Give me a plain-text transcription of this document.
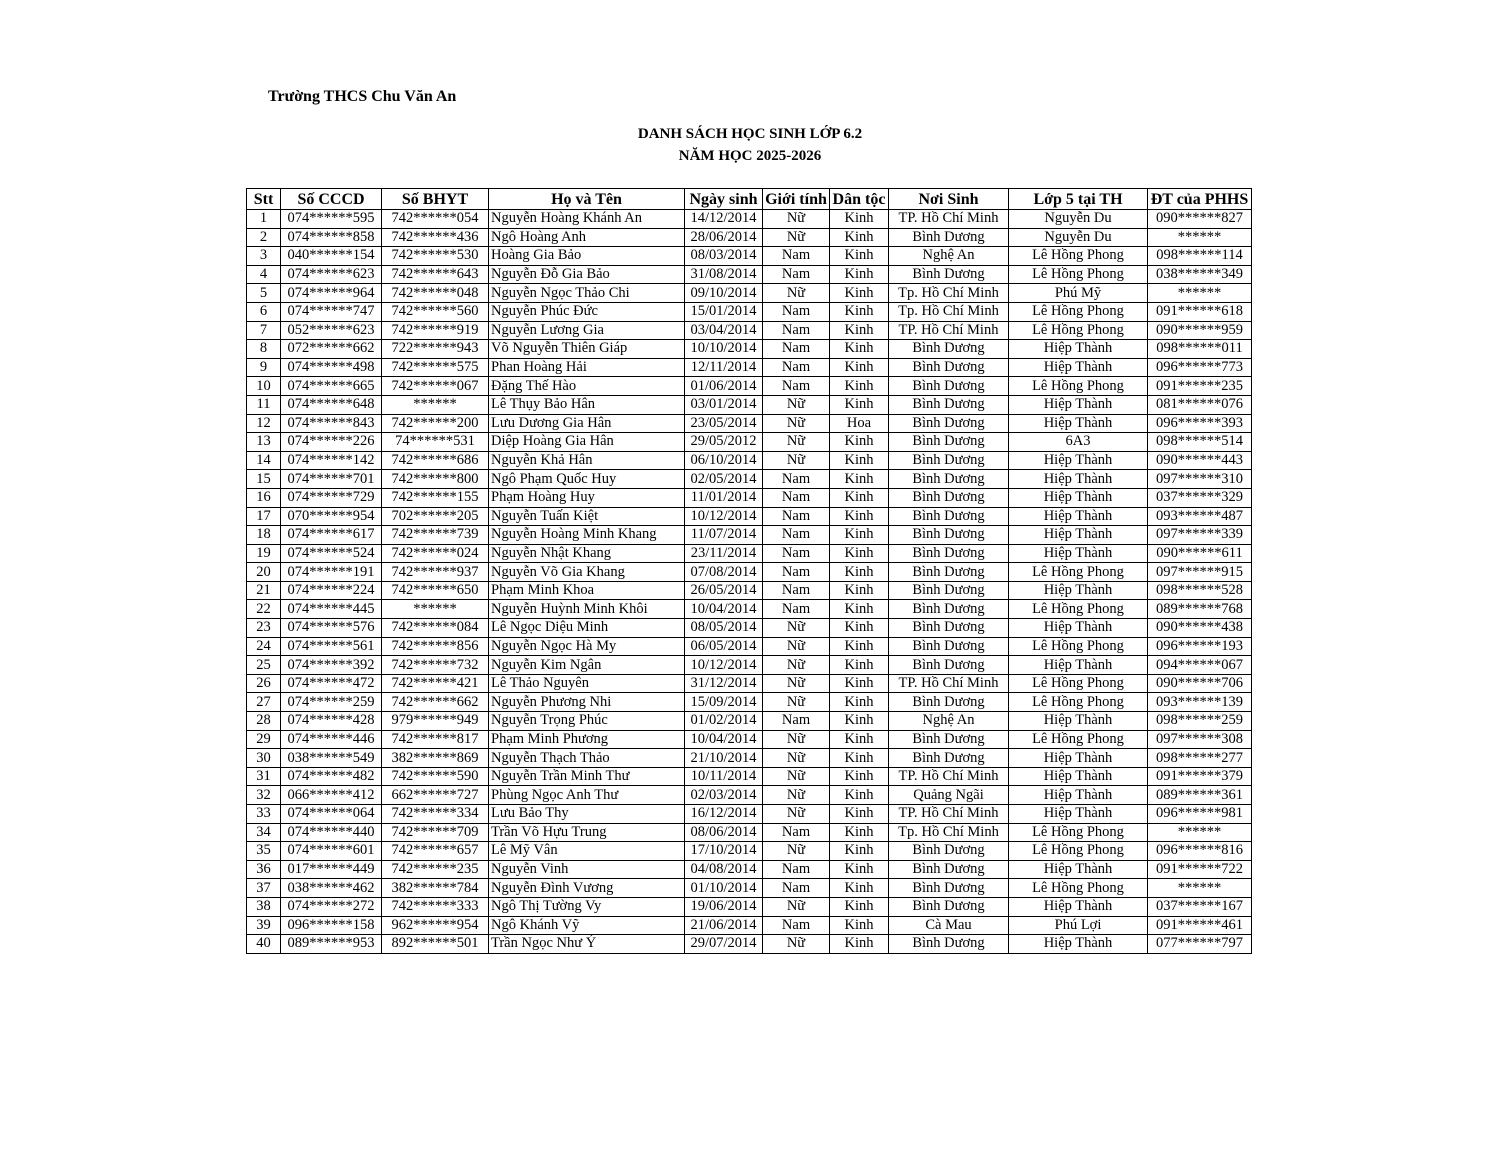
Trường THCS Chu Văn An
DANH SÁCH HỌC SINH LỚP 6.2
NĂM HỌC 2025-2026
Stt	Số CCCD	Số BHYT	Họ và Tên	Ngày sinh	Giới tính	Dân tộc	Nơi Sinh	Lớp 5 tại TH	ĐT của PHHS
1	074******595	742******054	Nguyễn Hoàng Khánh An	14/12/2014	Nữ	Kinh	TP. Hồ Chí Minh	Nguyễn Du	090******827
2	074******858	742******436	Ngô Hoàng Anh	28/06/2014	Nữ	Kinh	Bình Dương	Nguyễn Du	******
3	040******154	742******530	Hoàng Gia Bảo	08/03/2014	Nam	Kinh	Nghệ An	Lê Hồng Phong	098******114
4	074******623	742******643	Nguyễn Đỗ Gia Bảo	31/08/2014	Nam	Kinh	Bình Dương	Lê Hồng Phong	038******349
5	074******964	742******048	Nguyễn Ngọc Thảo Chi	09/10/2014	Nữ	Kinh	Tp. Hồ Chí Minh	Phú Mỹ	******
6	074******747	742******560	Nguyễn Phúc Đức	15/01/2014	Nam	Kinh	Tp. Hồ Chí Minh	Lê Hồng Phong	091******618
7	052******623	742******919	Nguyễn Lương Gia	03/04/2014	Nam	Kinh	TP. Hồ Chí Minh	Lê Hồng Phong	090******959
8	072******662	722******943	Võ Nguyễn Thiên Giáp	10/10/2014	Nam	Kinh	Bình Dương	Hiệp Thành	098******011
9	074******498	742******575	Phan Hoàng Hải	12/11/2014	Nam	Kinh	Bình Dương	Hiệp Thành	096******773
10	074******665	742******067	Đặng Thế Hào	01/06/2014	Nam	Kinh	Bình Dương	Lê Hồng Phong	091******235
11	074******648	******	Lê Thụy Bảo Hân	03/01/2014	Nữ	Kinh	Bình Dương	Hiệp Thành	081******076
12	074******843	742******200	Lưu Dương Gia Hân	23/05/2014	Nữ	Hoa	Bình Dương	Hiệp Thành	096******393
13	074******226	74******531	Diệp Hoàng Gia Hân	29/05/2012	Nữ	Kinh	Bình Dương	6A3	098******514
14	074******142	742******686	Nguyễn Khả Hân	06/10/2014	Nữ	Kinh	Bình Dương	Hiệp Thành	090******443
15	074******701	742******800	Ngô Phạm Quốc Huy	02/05/2014	Nam	Kinh	Bình Dương	Hiệp Thành	097******310
16	074******729	742******155	Phạm Hoàng Huy	11/01/2014	Nam	Kinh	Bình Dương	Hiệp Thành	037******329
17	070******954	702******205	Nguyễn Tuấn Kiệt	10/12/2014	Nam	Kinh	Bình Dương	Hiệp Thành	093******487
18	074******617	742******739	Nguyễn Hoàng Minh Khang	11/07/2014	Nam	Kinh	Bình Dương	Hiệp Thành	097******339
19	074******524	742******024	Nguyễn Nhật Khang	23/11/2014	Nam	Kinh	Bình Dương	Hiệp Thành	090******611
20	074******191	742******937	Nguyễn Võ Gia Khang	07/08/2014	Nam	Kinh	Bình Dương	Lê Hồng Phong	097******915
21	074******224	742******650	Phạm Minh Khoa	26/05/2014	Nam	Kinh	Bình Dương	Hiệp Thành	098******528
22	074******445	******	Nguyễn Huỳnh Minh Khôi	10/04/2014	Nam	Kinh	Bình Dương	Lê Hồng Phong	089******768
23	074******576	742******084	Lê Ngọc Diệu Minh	08/05/2014	Nữ	Kinh	Bình Dương	Hiệp Thành	090******438
24	074******561	742******856	Nguyễn Ngọc Hà My	06/05/2014	Nữ	Kinh	Bình Dương	Lê Hồng Phong	096******193
25	074******392	742******732	Nguyễn Kim Ngân	10/12/2014	Nữ	Kinh	Bình Dương	Hiệp Thành	094******067
26	074******472	742******421	Lê Thảo Nguyên	31/12/2014	Nữ	Kinh	TP. Hồ Chí Minh	Lê Hồng Phong	090******706
27	074******259	742******662	Nguyễn Phương Nhi	15/09/2014	Nữ	Kinh	Bình Dương	Lê Hồng Phong	093******139
28	074******428	979******949	Nguyễn Trọng Phúc	01/02/2014	Nam	Kinh	Nghệ An	Hiệp Thành	098******259
29	074******446	742******817	Phạm Minh Phương	10/04/2014	Nữ	Kinh	Bình Dương	Lê Hồng Phong	097******308
30	038******549	382******869	Nguyễn Thạch Thảo	21/10/2014	Nữ	Kinh	Bình Dương	Hiệp Thành	098******277
31	074******482	742******590	Nguyễn Trần Minh Thư	10/11/2014	Nữ	Kinh	TP. Hồ Chí Minh	Hiệp Thành	091******379
32	066******412	662******727	Phùng Ngọc Anh Thư	02/03/2014	Nữ	Kinh	Quảng Ngãi	Hiệp Thành	089******361
33	074******064	742******334	Lưu Bảo Thy	16/12/2014	Nữ	Kinh	TP. Hồ Chí Minh	Hiệp Thành	096******981
34	074******440	742******709	Trần Võ Hựu Trung	08/06/2014	Nam	Kinh	Tp. Hồ Chí Minh	Lê Hồng Phong	******
35	074******601	742******657	Lê Mỹ Vân	17/10/2014	Nữ	Kinh	Bình Dương	Lê Hồng Phong	096******816
36	017******449	742******235	Nguyễn Vinh	04/08/2014	Nam	Kinh	Bình Dương	Hiệp Thành	091******722
37	038******462	382******784	Nguyễn Đình Vương	01/10/2014	Nam	Kinh	Bình Dương	Lê Hồng Phong	******
38	074******272	742******333	Ngô Thị Tường Vy	19/06/2014	Nữ	Kinh	Bình Dương	Hiệp Thành	037******167
39	096******158	962******954	Ngô Khánh Vỹ	21/06/2014	Nam	Kinh	Cà Mau	Phú Lợi	091******461
40	089******953	892******501	Trần Ngọc Như Ý	29/07/2014	Nữ	Kinh	Bình Dương	Hiệp Thành	077******797
